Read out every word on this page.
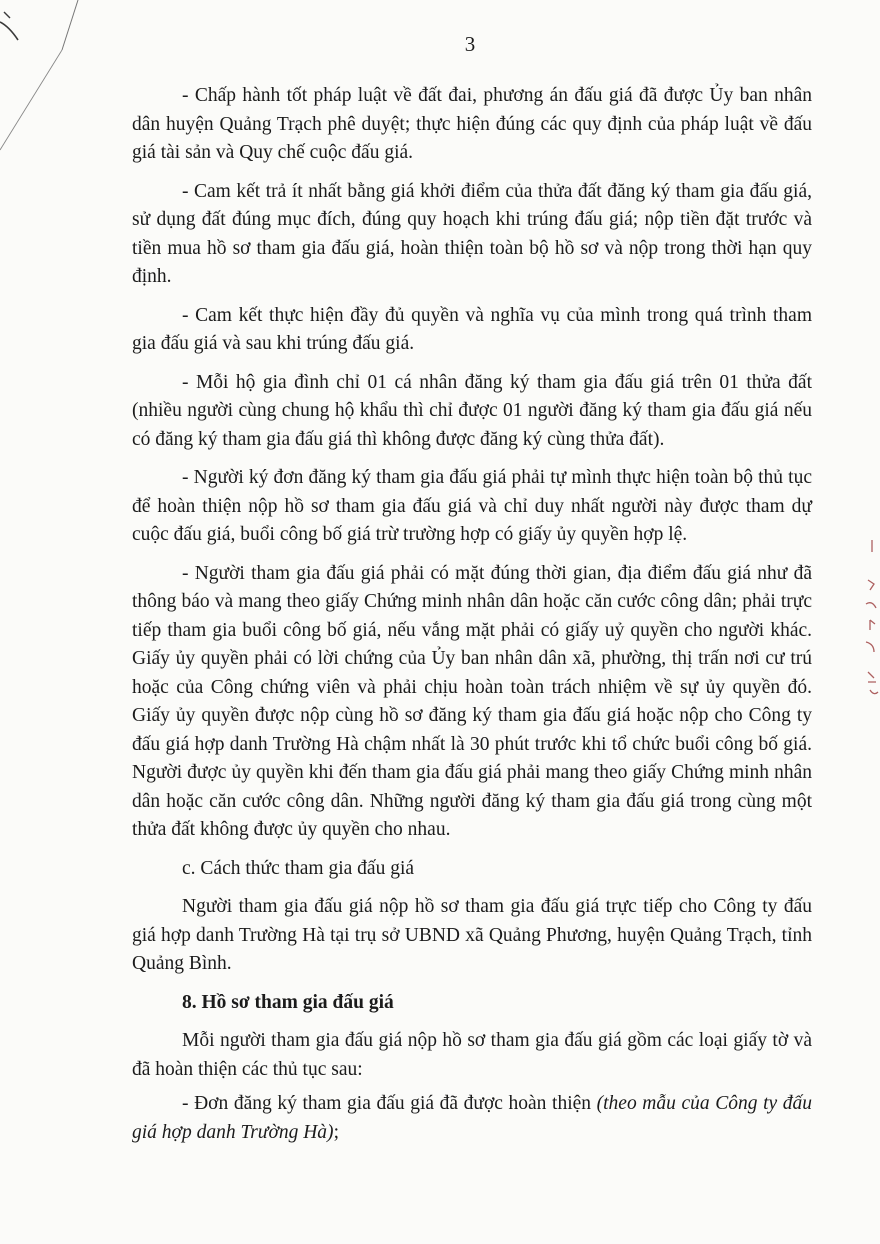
3

- Chấp hành tốt pháp luật về đất đai, phương án đấu giá đã được Ủy ban nhân dân huyện Quảng Trạch phê duyệt; thực hiện đúng các quy định của pháp luật về đấu giá tài sản và Quy chế cuộc đấu giá.

- Cam kết trả ít nhất bằng giá khởi điểm của thửa đất đăng ký tham gia đấu giá, sử dụng đất đúng mục đích, đúng quy hoạch khi trúng đấu giá; nộp tiền đặt trước và tiền mua hồ sơ tham gia đấu giá, hoàn thiện toàn bộ hồ sơ và nộp trong thời hạn quy định.

- Cam kết thực hiện đầy đủ quyền và nghĩa vụ của mình trong quá trình tham gia đấu giá và sau khi trúng đấu giá.

- Mỗi hộ gia đình chỉ 01 cá nhân đăng ký tham gia đấu giá trên 01 thửa đất (nhiều người cùng chung hộ khẩu thì chỉ được 01 người đăng ký tham gia đấu giá nếu có đăng ký tham gia đấu giá thì không được đăng ký cùng thửa đất).

- Người ký đơn đăng ký tham gia đấu giá phải tự mình thực hiện toàn bộ thủ tục để hoàn thiện nộp hồ sơ tham gia đấu giá và chỉ duy nhất người này được tham dự cuộc đấu giá, buổi công bố giá trừ trường hợp có giấy ủy quyền hợp lệ.

- Người tham gia đấu giá phải có mặt đúng thời gian, địa điểm đấu giá như đã thông báo và mang theo giấy Chứng minh nhân dân hoặc căn cước công dân; phải trực tiếp tham gia buổi công bố giá, nếu vắng mặt phải có giấy uỷ quyền cho người khác. Giấy ủy quyền phải có lời chứng của Ủy ban nhân dân xã, phường, thị trấn nơi cư trú hoặc của Công chứng viên và phải chịu hoàn toàn trách nhiệm về sự ủy quyền đó. Giấy ủy quyền được nộp cùng hồ sơ đăng ký tham gia đấu giá hoặc nộp cho Công ty đấu giá hợp danh Trường Hà chậm nhất là 30 phút trước khi tổ chức buổi công bố giá. Người được ủy quyền khi đến tham gia đấu giá phải mang theo giấy Chứng minh nhân dân hoặc căn cước công dân. Những người đăng ký tham gia đấu giá trong cùng một thửa đất không được ủy quyền cho nhau.

c. Cách thức tham gia đấu giá

Người tham gia đấu giá nộp hồ sơ tham gia đấu giá trực tiếp cho Công ty đấu giá hợp danh Trường Hà tại trụ sở UBND xã Quảng Phương, huyện Quảng Trạch, tỉnh Quảng Bình.

8. Hồ sơ tham gia đấu giá

Mỗi người tham gia đấu giá nộp hồ sơ tham gia đấu giá gồm các loại giấy tờ và đã hoàn thiện các thủ tục sau:

- Đơn đăng ký tham gia đấu giá đã được hoàn thiện (theo mẫu của Công ty đấu giá hợp danh Trường Hà);
